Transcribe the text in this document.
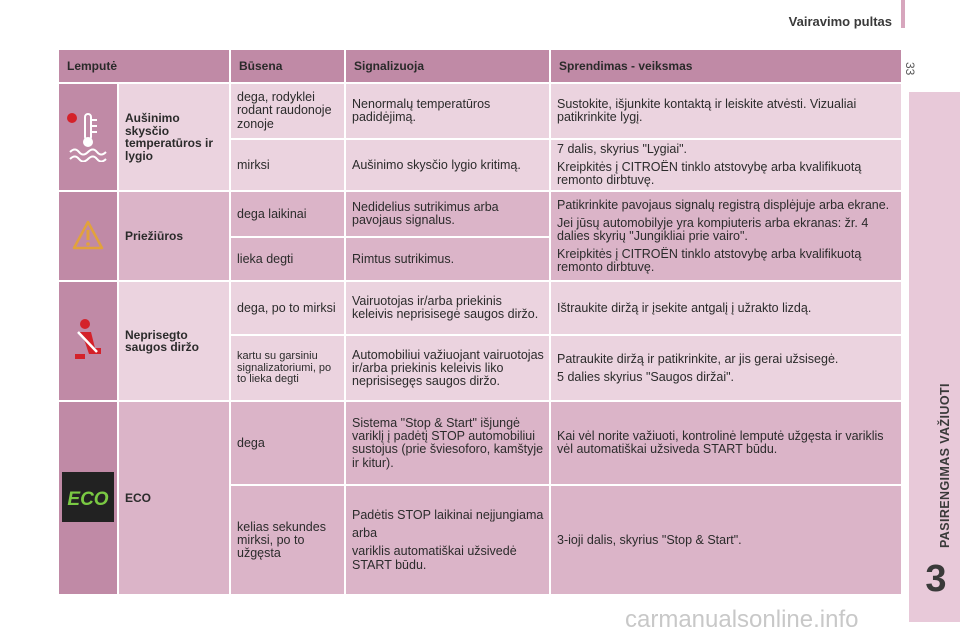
Vairavimo pultas
33
PASIRENGIMAS VAŽIUOTI
3
Lemputė		Būsena	Signalizuoja	Sprendimas - veiksmas
	Aušinimo skysčio temperatūros ir lygio	dega, rodyklei rodant raudonoje zonoje	Nenormalų temperatūros padidėjimą.	Sustokite, išjunkite kontaktą ir leiskite atvėsti. Vizualiai patikrinkite lygį.

		mirksi	Aušinimo skysčio lygio kritimą.	7 dalis, skyrius "Lygiai".

Kreipkitės į CITROËN tinklo atstovybę arba kvalifikuotą remonto dirbtuvę.

	Priežiūros	dega laikinai	Nedidelius sutrikimus arba pavojaus signalus.	Patikrinkite pavojaus signalų registrą displėjuje arba ekrane.

Jei jūsų automobilyje yra kompiuteris arba ekranas: žr. 4 dalies skyrių "Jungikliai prie vairo".

Kreipkitės į CITROËN tinklo atstovybę arba kvalifikuotą remonto dirbtuvę.

		lieka degti	Rimtus sutrikimus.	
	Neprisegto saugos diržo	dega, po to mirksi	Vairuotojas ir/arba priekinis keleivis neprisisegė saugos diržo.	Ištraukite diržą ir įsekite antgalį į užrakto lizdą.

		kartu su garsiniu signalizatoriumi, po to lieka degti	Automobiliui važiuojant vairuotojas ir/arba priekinis keleivis liko neprisisegęs saugos diržo.	Patraukite diržą ir patikrinkite, ar jis gerai užsisegė.

5 dalies skyrius "Saugos diržai".

ECO	ECO	dega	Sistema "Stop & Start" išjungė variklį į padėtį STOP automobiliui sustojus (prie šviesoforo, kamštyje ir kitur).	Kai vėl norite važiuoti, kontrolinė lemputė užgęsta ir variklis vėl automatiškai užsiveda START būdu.

		kelias sekundes mirksi, po to užgęsta	Padėtis STOP laikinai neįjungiama

arba

variklis automatiškai užsivedė START būdu.	3-ioji dalis, skyrius "Stop & Start".

carmanualsonline.info
